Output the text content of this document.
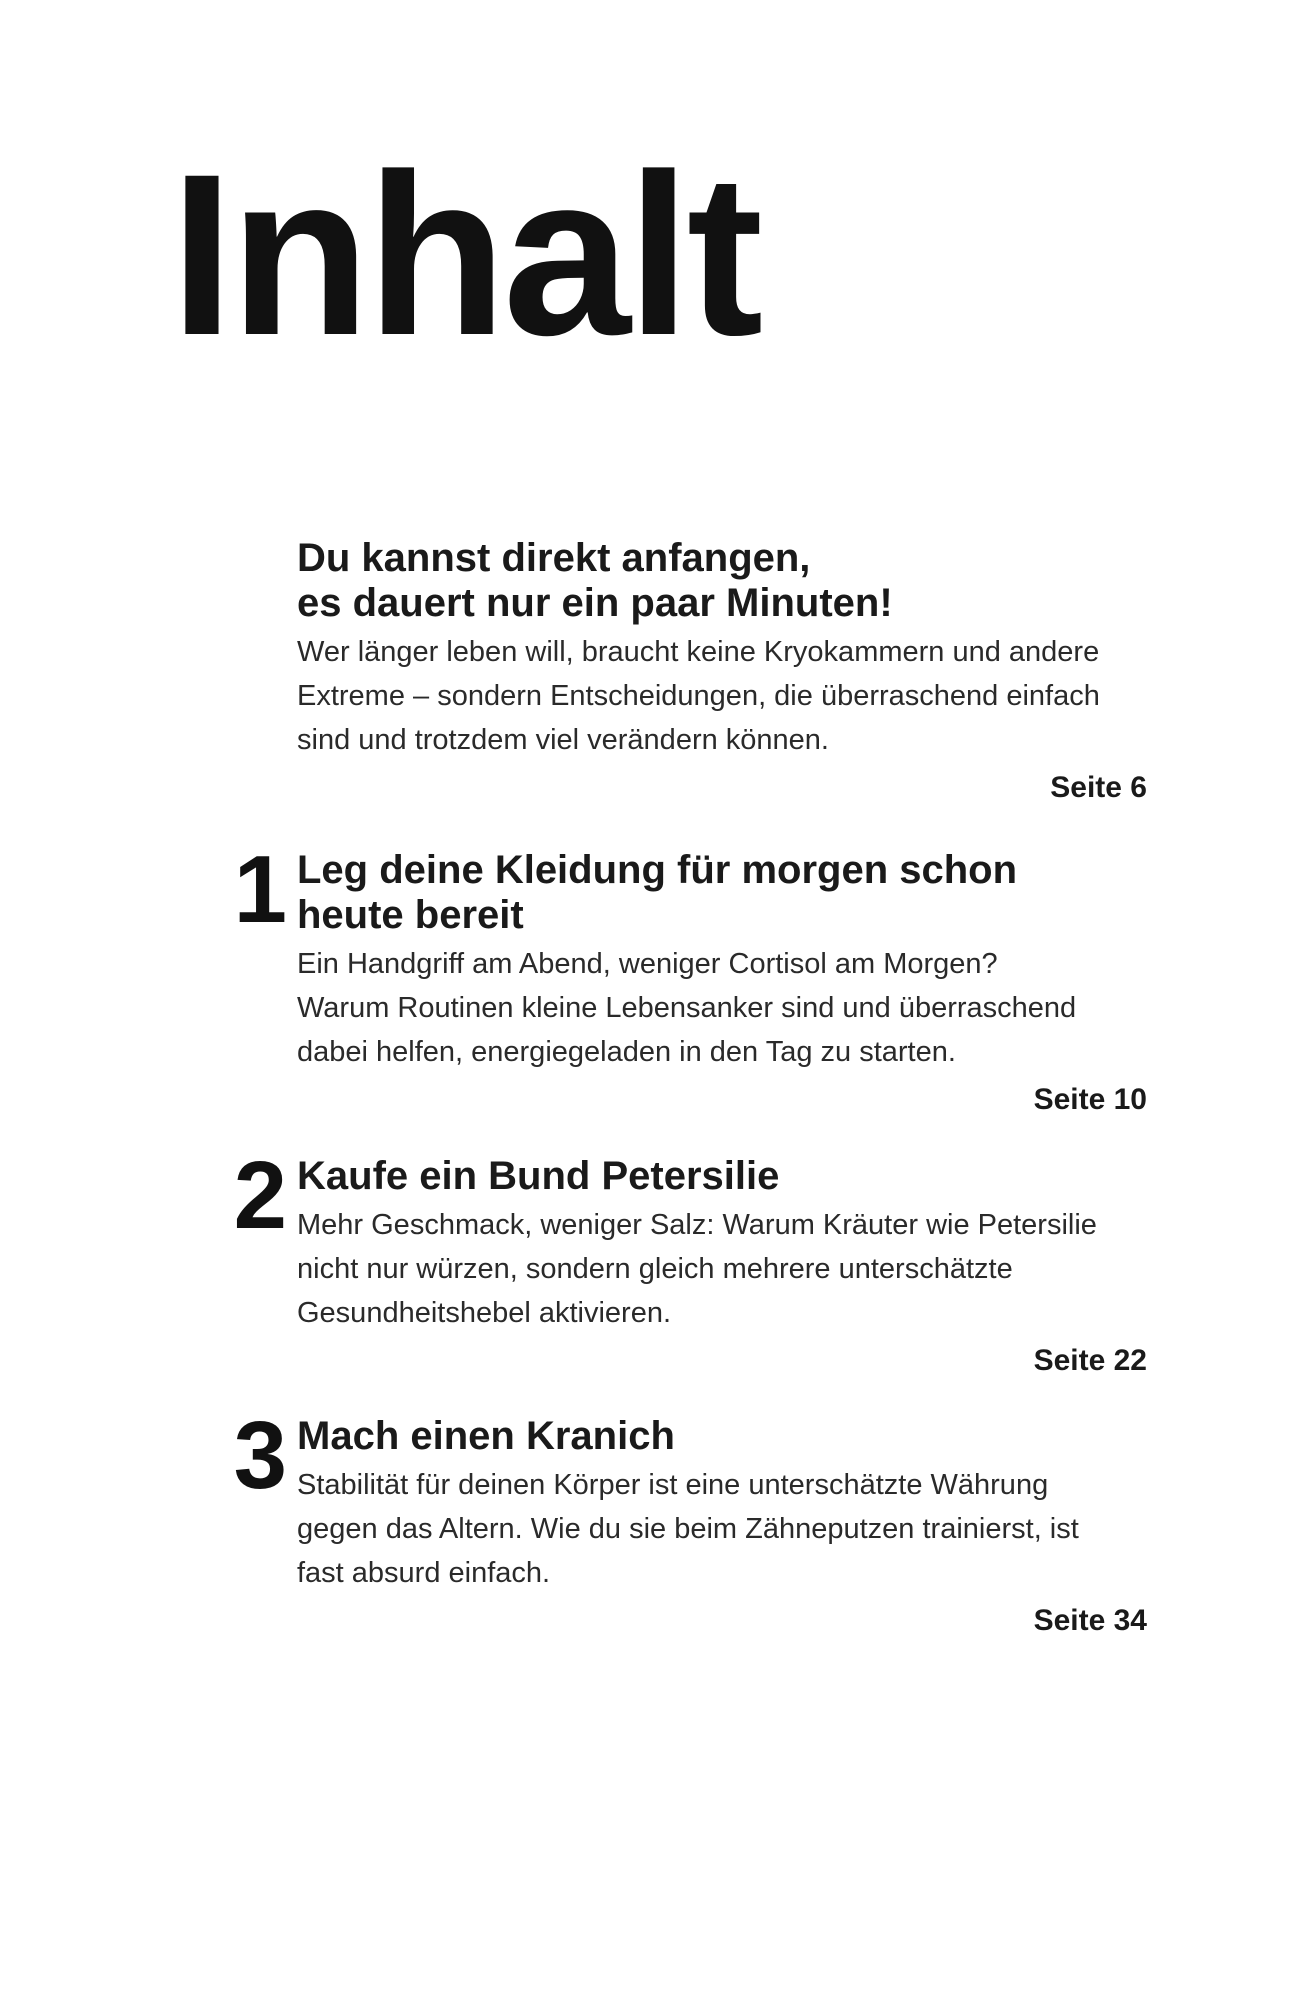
Inhalt
Du kannst direkt anfangen,
es dauert nur ein paar Minuten!

Wer länger leben will, braucht keine Kryokammern und andere
Extreme – sondern Entscheidungen, die überraschend einfach
sind und trotzdem viel verändern können.

Seite 6
1 Leg deine Kleidung für morgen schon
heute bereit

Ein Handgriff am Abend, weniger Cortisol am Morgen?
Warum Routinen kleine Lebensanker sind und überraschend
dabei helfen, energiegeladen in den Tag zu starten.

Seite 10
2 Kaufe ein Bund Petersilie

Mehr Geschmack, weniger Salz: Warum Kräuter wie Petersilie
nicht nur würzen, sondern gleich mehrere unterschätzte
Gesundheitshebel aktivieren.

Seite 22
3 Mach einen Kranich

Stabilität für deinen Körper ist eine unterschätzte Währung
gegen das Altern. Wie du sie beim Zähneputzen trainierst, ist
fast absurd einfach.

Seite 34
